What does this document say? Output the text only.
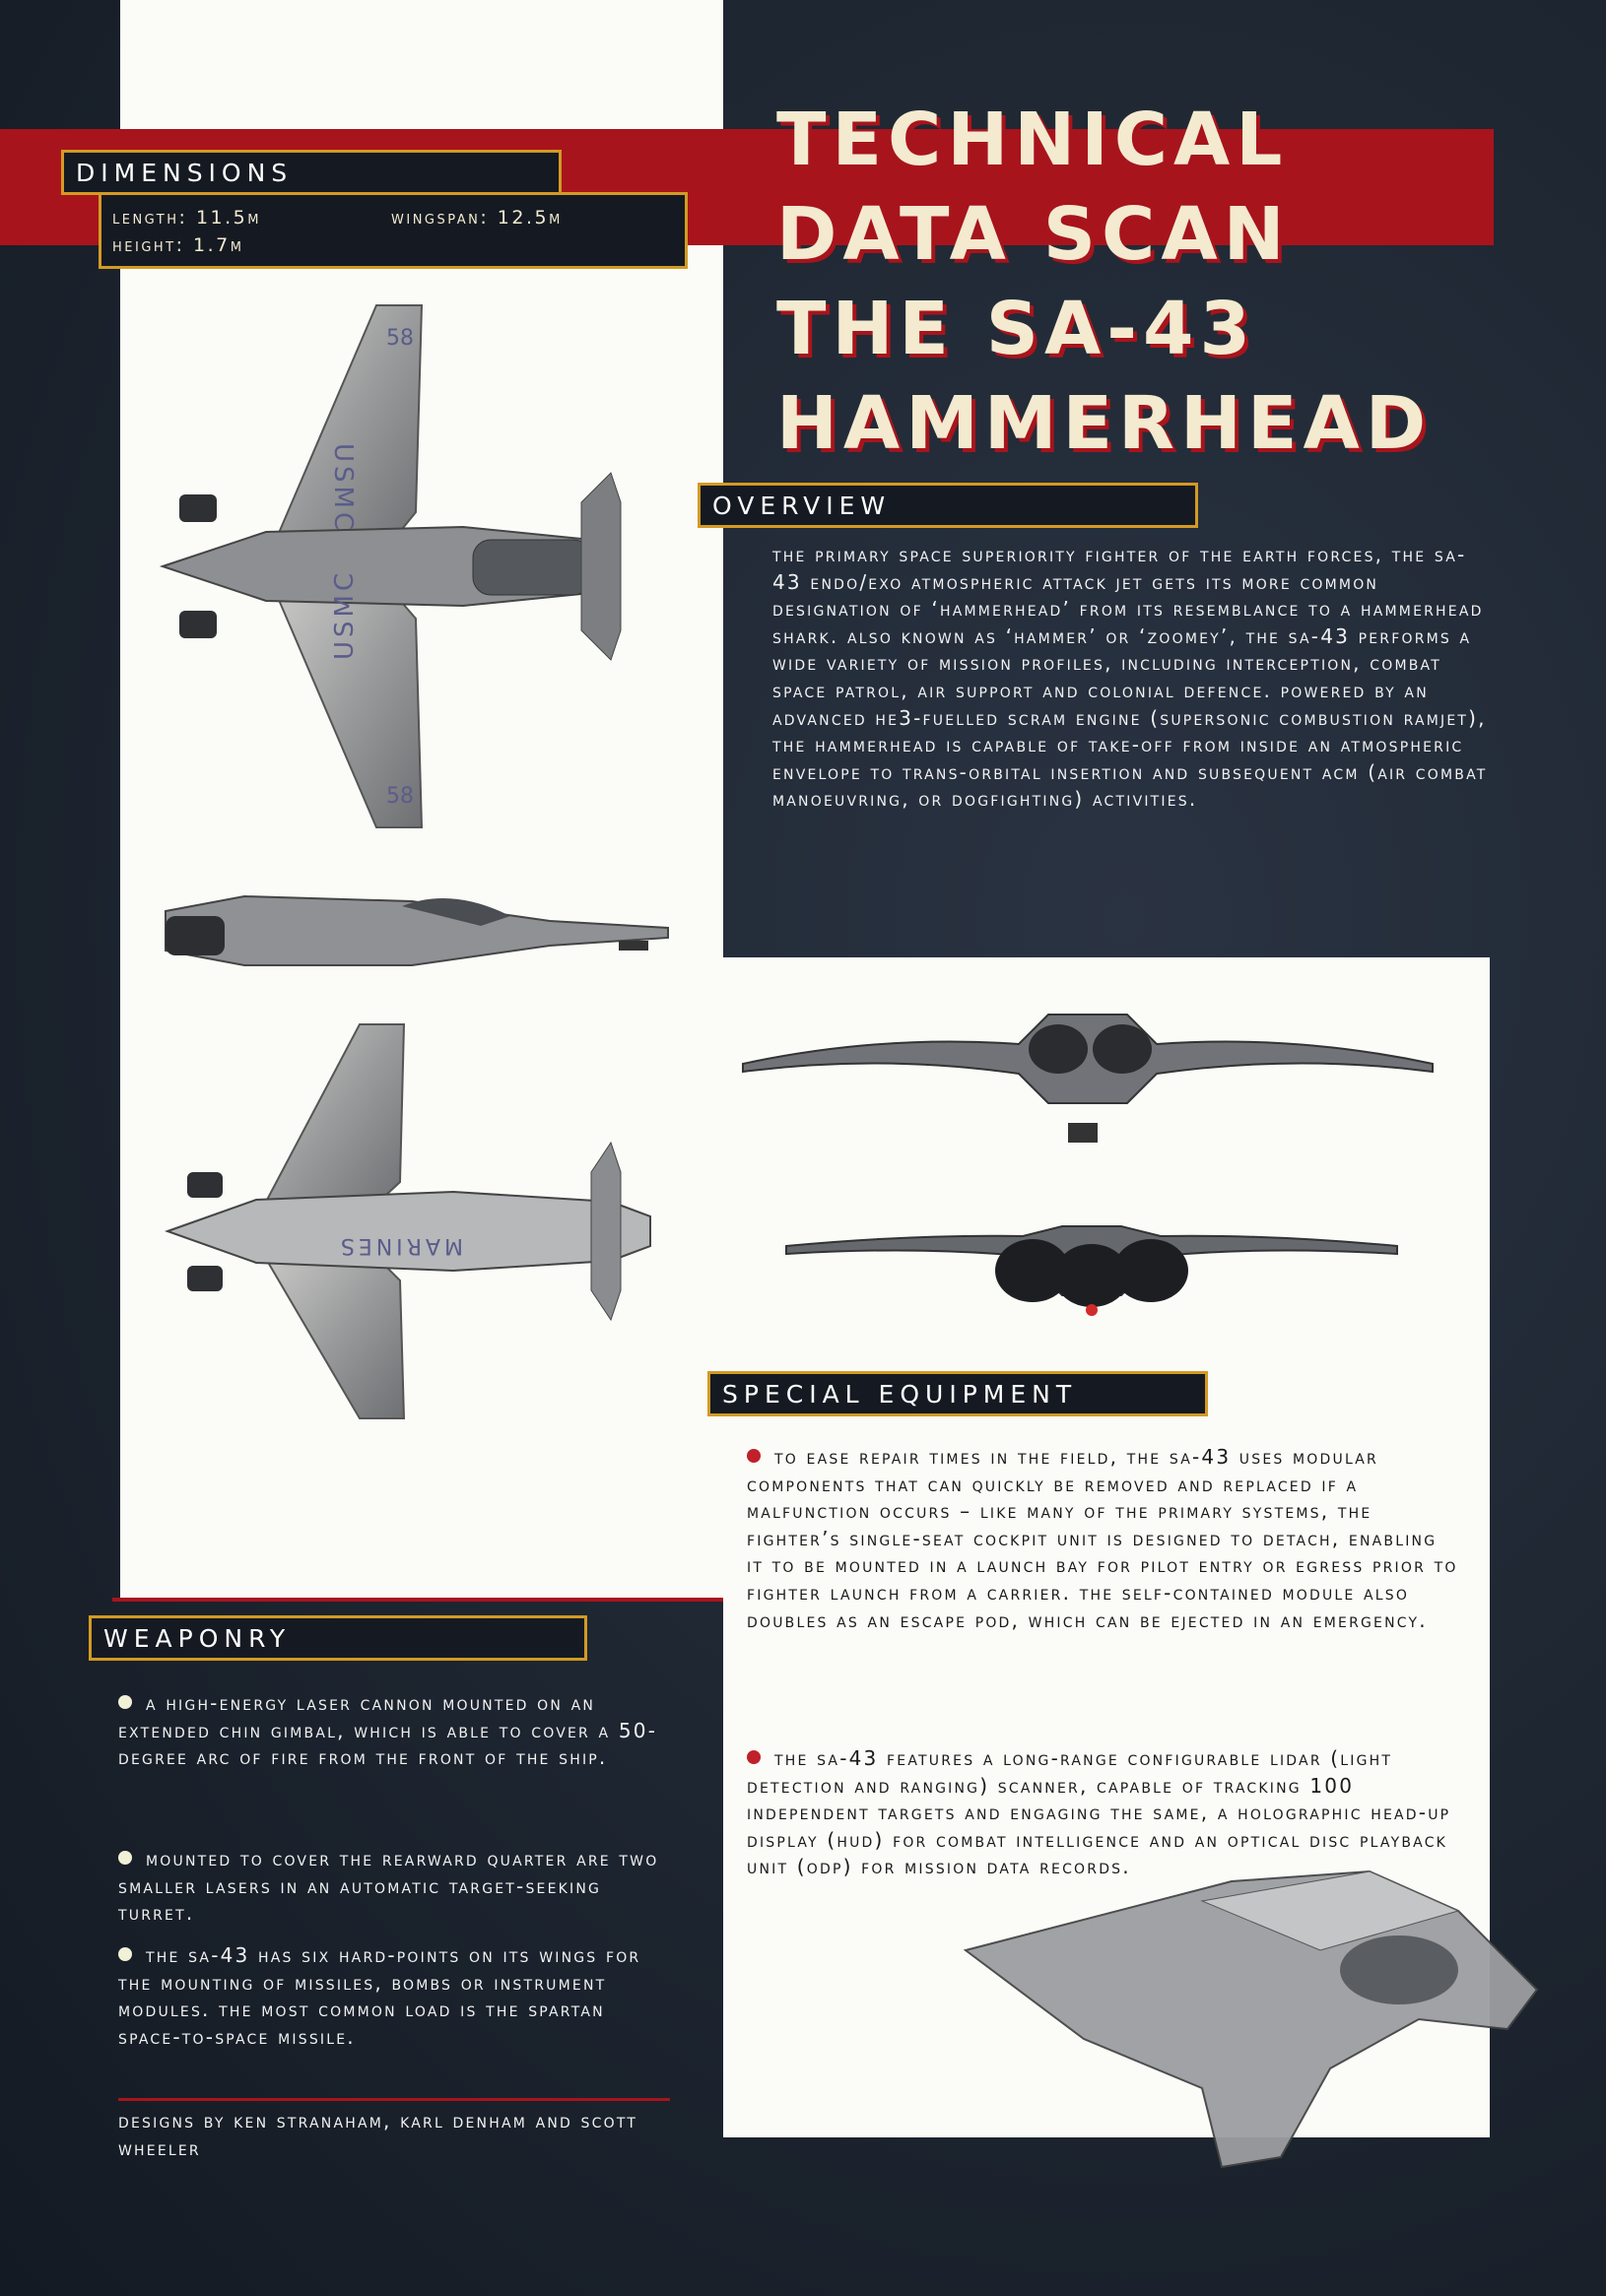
TECHNICAL
DATA SCAN
THE SA-43
HAMMERHEAD
DIMENSIONS
length: 11.5m	wingspan: 12.5m
height: 1.7m
USMC
USMC
58
58
MARINES
OVERVIEW
the primary space superiority fighter of the earth forces, the sa-43 endo/exo atmospheric attack jet gets its more common designation of ‘hammerhead’ from its resemblance to a hammerhead shark. also known as ‘hammer’ or ‘zoomey’, the sa-43 performs a wide variety of mission profiles, including interception, combat space patrol, air support and colonial defence. powered by an advanced he3-fuelled scram engine (supersonic combustion ramjet), the hammerhead is capable of take-off from inside an atmospheric envelope to trans-orbital insertion and subsequent acm (air combat manoeuvring, or dogfighting) activities.
SPECIAL EQUIPMENT
to ease repair times in the field, the sa-43 uses modular components that can quickly be removed and replaced if a malfunction occurs – like many of the primary systems, the fighter’s single-seat cockpit unit is designed to detach, enabling it to be mounted in a launch bay for pilot entry or egress prior to fighter launch from a carrier. the self-contained module also doubles as an escape pod, which can be ejected in an emergency.
the sa-43 features a long-range configurable lidar (light detection and ranging) scanner, capable of tracking 100 independent targets and engaging the same, a holographic head-up display (hud) for combat intelligence and an optical disc playback unit (odp) for mission data records.
WEAPONRY
a high-energy laser cannon mounted on an extended chin gimbal, which is able to cover a 50-degree arc of fire from the front of the ship.
mounted to cover the rearward quarter are two smaller lasers in an automatic target-seeking turret.
the sa-43 has six hard-points on its wings for the mounting of missiles, bombs or instrument modules. the most common load is the spartan space-to-space missile.
designs by ken stranaham, karl denham and scott wheeler
